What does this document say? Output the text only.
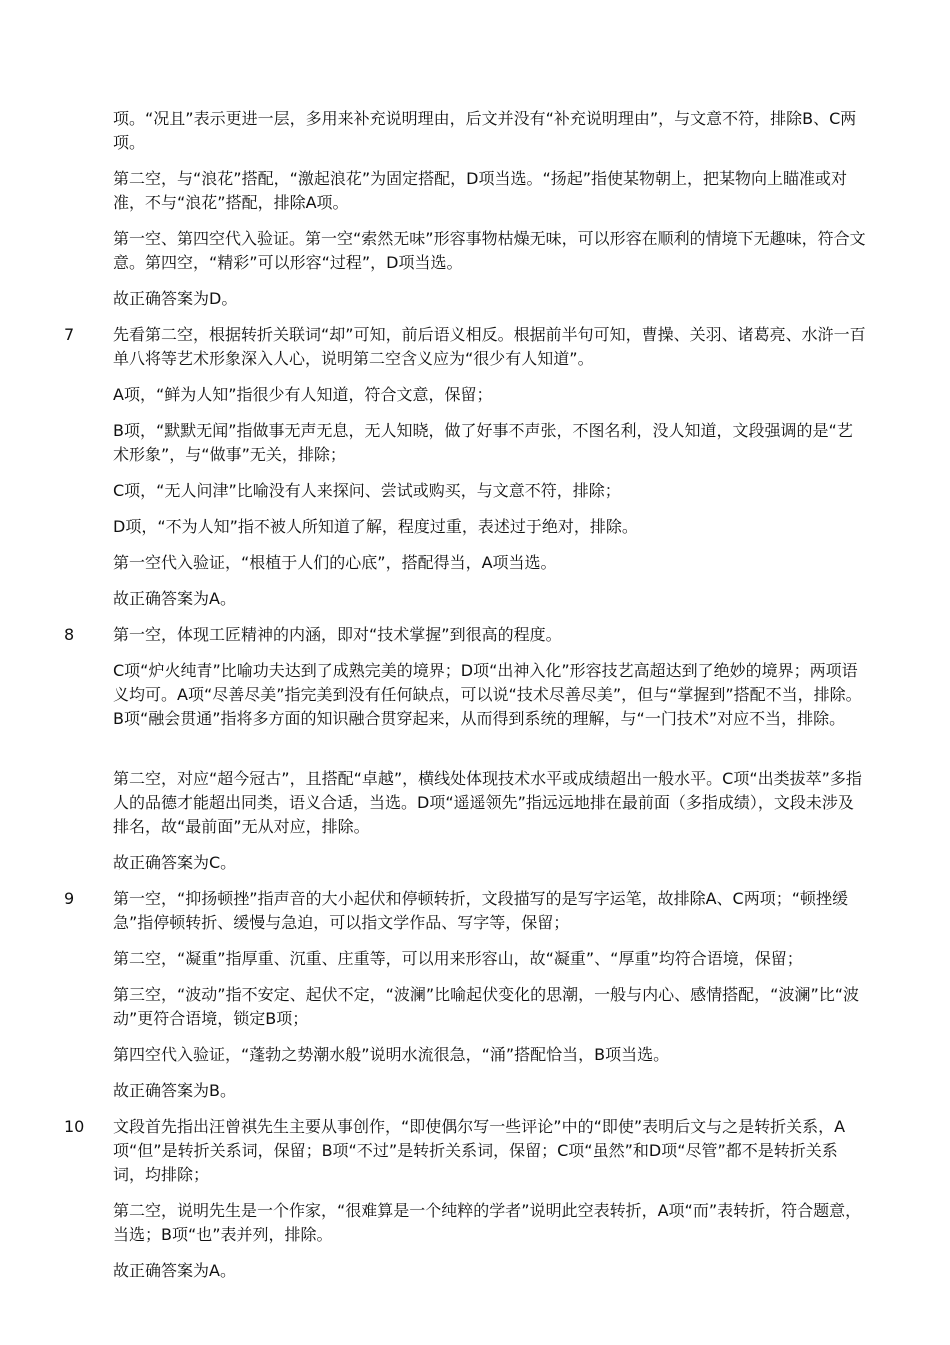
项。“况且”表示更进一层，多用来补充说明理由，后文并没有“补充说明理由”，与文意不符，排除B、C两项。

第二空，与“浪花”搭配，“激起浪花”为固定搭配，D项当选。“扬起”指使某物朝上，把某物向上瞄准或对准，不与“浪花”搭配，排除A项。

第一空、第四空代入验证。第一空“索然无味”形容事物枯燥无味，可以形容在顺利的情境下无趣味，符合文意。第四空，“精彩”可以形容“过程”，D项当选。

故正确答案为D。

7 先看第二空，根据转折关联词“却”可知，前后语义相反。根据前半句可知，曹操、关羽、诸葛亮、水浒一百单八将等艺术形象深入人心，说明第二空含义应为“很少有人知道”。

A项，“鲜为人知”指很少有人知道，符合文意，保留；

B项，“默默无闻”指做事无声无息，无人知晓，做了好事不声张，不图名利，没人知道，文段强调的是“艺术形象”，与“做事”无关，排除；

C项，“无人问津”比喻没有人来探问、尝试或购买，与文意不符，排除；

D项，“不为人知”指不被人所知道了解，程度过重，表述过于绝对，排除。

第一空代入验证，“根植于人们的心底”，搭配得当，A项当选。

故正确答案为A。

8 第一空，体现工匠精神的内涵，即对“技术掌握”到很高的程度。

C项“炉火纯青”比喻功夫达到了成熟完美的境界；D项“出神入化”形容技艺高超达到了绝妙的境界；两项语义均可。A项“尽善尽美”指完美到没有任何缺点，可以说“技术尽善尽美”，但与“掌握到”搭配不当，排除。B项“融会贯通”指将多方面的知识融合贯穿起来，从而得到系统的理解，与“一门技术”对应不当，排除。

第二空，对应“超今冠古”，且搭配“卓越”，横线处体现技术水平或成绩超出一般水平。C项“出类拔萃”多指人的品德才能超出同类，语义合适，当选。D项“遥遥领先”指远远地排在最前面（多指成绩），文段未涉及排名，故“最前面”无从对应，排除。

故正确答案为C。

9 第一空，“抑扬顿挫”指声音的大小起伏和停顿转折，文段描写的是写字运笔，故排除A、C两项；“顿挫缓急”指停顿转折、缓慢与急迫，可以指文学作品、写字等，保留；

第二空，“凝重”指厚重、沉重、庄重等，可以用来形容山，故“凝重”、“厚重”均符合语境，保留；

第三空，“波动”指不安定、起伏不定，“波澜”比喻起伏变化的思潮，一般与内心、感情搭配，“波澜”比“波动”更符合语境，锁定B项；

第四空代入验证，“蓬勃之势潮水般”说明水流很急，“涌”搭配恰当，B项当选。

故正确答案为B。

10 文段首先指出汪曾祺先生主要从事创作，“即使偶尔写一些评论”中的“即使”表明后文与之是转折关系，A项“但”是转折关系词，保留；B项“不过”是转折关系词，保留；C项“虽然”和D项“尽管”都不是转折关系词，均排除；

第二空，说明先生是一个作家，“很难算是一个纯粹的学者”说明此空表转折，A项“而”表转折，符合题意，当选；B项“也”表并列，排除。

故正确答案为A。
